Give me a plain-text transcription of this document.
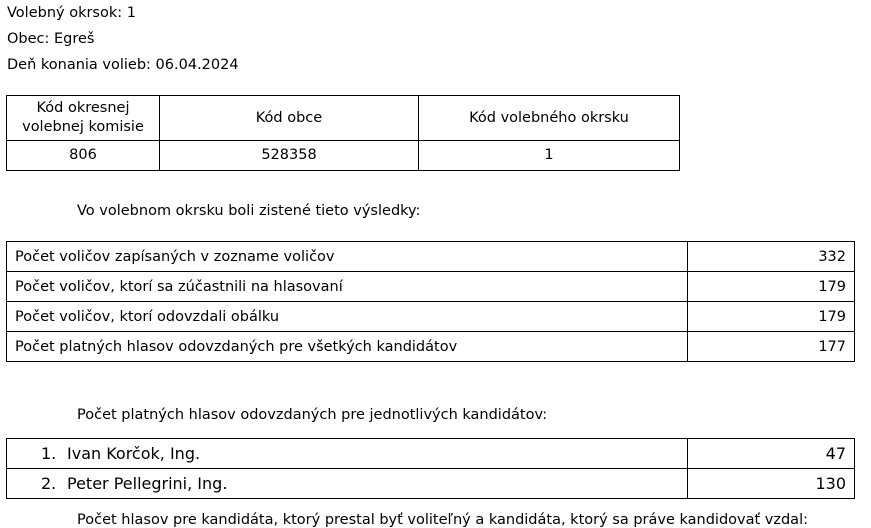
Volebný okrsok: 1
Obec: Egreš
Deň konania volieb: 06.04.2024
Kód okresnej volebnej komisie	Kód obce	Kód volebného okrsku
806	528358	1
Vo volebnom okrsku boli zistené tieto výsledky:
Počet voličov zapísaných v zozname voličov	332
Počet voličov, ktorí sa zúčastnili na hlasovaní	179
Počet voličov, ktorí odovzdali obálku	179
Počet platných hlasov odovzdaných pre všetkých kandidátov	177
Počet platných hlasov odovzdaných pre jednotlivých kandidátov:
1. Ivan Korčok, Ing.	47
2. Peter Pellegrini, Ing.	130
Počet hlasov pre kandidáta, ktorý prestal byť voliteľný a kandidáta, ktorý sa práve kandidovať vzdal:
